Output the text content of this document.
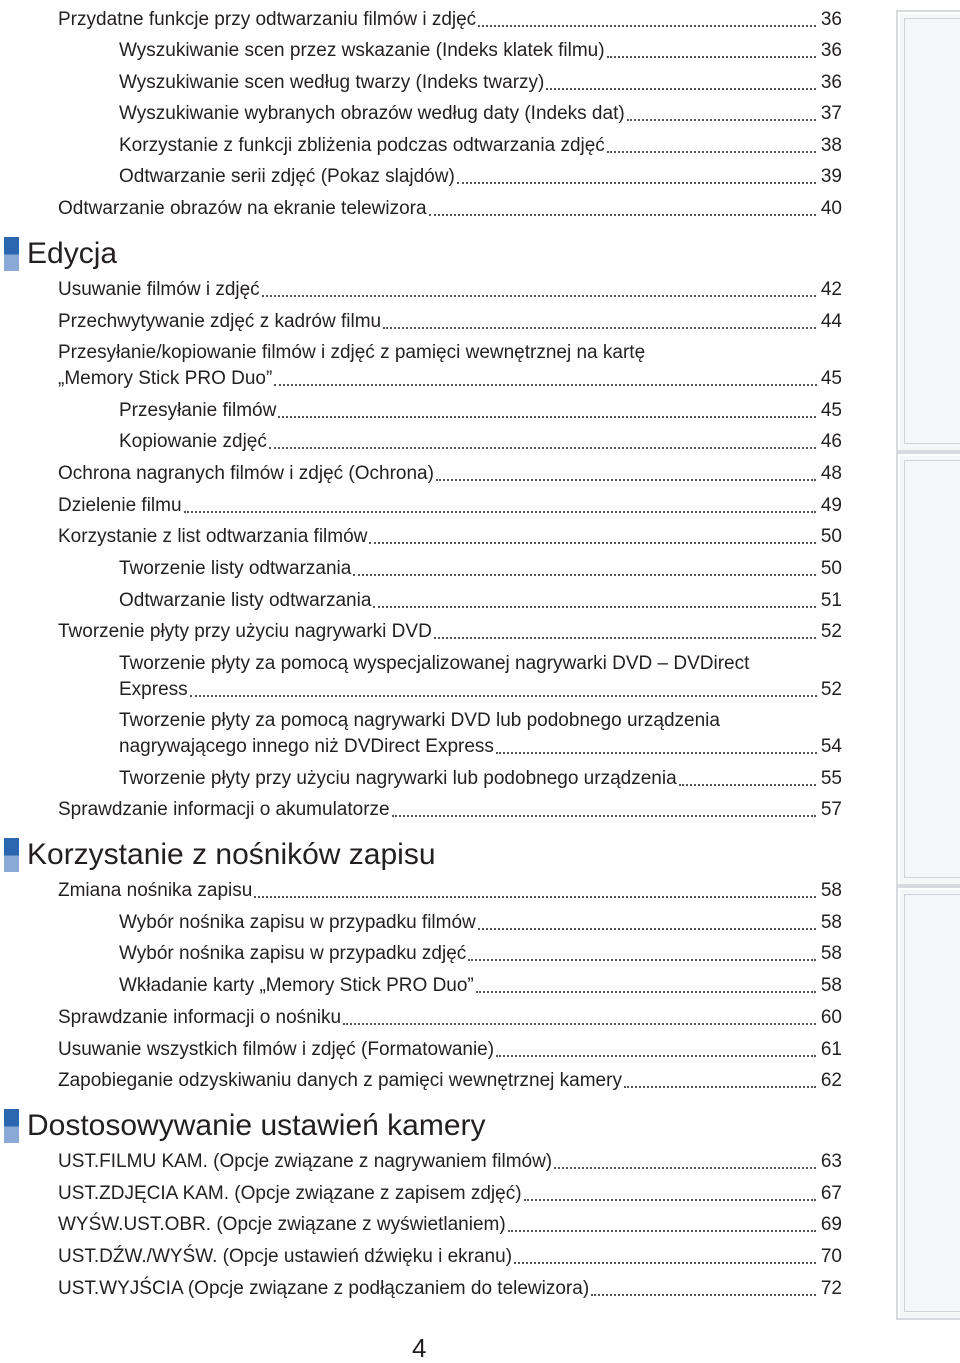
Przydatne funkcje przy odtwarzaniu filmów i zdjęć	36
Wyszukiwanie scen przez wskazanie (Indeks klatek filmu)	36
Wyszukiwanie scen według twarzy (Indeks twarzy)	36
Wyszukiwanie wybranych obrazów według daty (Indeks dat)	37
Korzystanie z funkcji zbliżenia podczas odtwarzania zdjęć	38
Odtwarzanie serii zdjęć (Pokaz slajdów)	39
Odtwarzanie obrazów na ekranie telewizora	40
Edycja
Usuwanie filmów i zdjęć	42
Przechwytywanie zdjęć z kadrów filmu	44
Przesyłanie/kopiowanie filmów i zdjęć z pamięci wewnętrznej na kartę
„Memory Stick PRO Duo”	45
Przesyłanie filmów	45
Kopiowanie zdjęć	46
Ochrona nagranych filmów i zdjęć (Ochrona)	48
Dzielenie filmu	49
Korzystanie z list odtwarzania filmów	50
Tworzenie listy odtwarzania	50
Odtwarzanie listy odtwarzania	51
Tworzenie płyty przy użyciu nagrywarki DVD	52
Tworzenie płyty za pomocą wyspecjalizowanej nagrywarki DVD ‒ DVDirect
Express	52
Tworzenie płyty za pomocą nagrywarki DVD lub podobnego urządzenia
nagrywającego innego niż DVDirect Express	54
Tworzenie płyty przy użyciu nagrywarki lub podobnego urządzenia	55
Sprawdzanie informacji o akumulatorze	57
Korzystanie z nośników zapisu
Zmiana nośnika zapisu	58
Wybór nośnika zapisu w przypadku filmów	58
Wybór nośnika zapisu w przypadku zdjęć	58
Wkładanie karty „Memory Stick PRO Duo”	58
Sprawdzanie informacji o nośniku	60
Usuwanie wszystkich filmów i zdjęć (Formatowanie)	61
Zapobieganie odzyskiwaniu danych z pamięci wewnętrznej kamery	62
Dostosowywanie ustawień kamery
UST.FILMU KAM. (Opcje związane z nagrywaniem filmów)	63
UST.ZDJĘCIA KAM. (Opcje związane z zapisem zdjęć)	67
WYŚW.UST.OBR. (Opcje związane z wyświetlaniem)	69
UST.DŹW./WYŚW. (Opcje ustawień dźwięku i ekranu)	70
UST.WYJŚCIA (Opcje związane z podłączaniem do telewizora)	72
4
